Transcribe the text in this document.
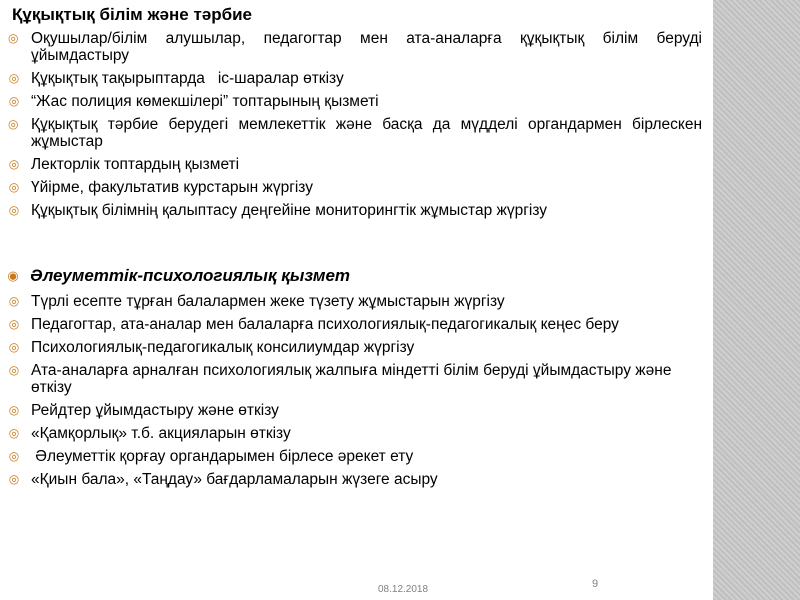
Құқықтық білім және тәрбие
◎ Оқушылар/білім алушылар, педагогтар мен ата-аналарға құқықтық білім беруді ұйымдастыру
◎ Құқықтық тақырыптарда   іс-шаралар өткізу
◎ “Жас полиция көмекшілері” топтарының қызметі
◎ Құқықтық тәрбие берудегі мемлекеттік және басқа да мүдделі органдармен бірлескен жұмыстар
◎ Лекторлік топтардың қызметі
◎ Үйірме, факультатив курстарын жүргізу
◎ Құқықтық білімнің қалыптасу деңгейіне мониторингтік жұмыстар жүргізу
◉ Әлеуметтік-психологиялық қызмет
◎ Түрлі есепте тұрған балалармен жеке түзету жұмыстарын жүргізу
◎ Педагогтар, ата-аналар мен балаларға психологиялық-педагогикалық кеңес беру
◎ Психологиялық-педагогикалық консилиумдар жүргізу
◎ Ата-аналарға арналған психологиялық жалпыға міндетті білім беруді ұйымдастыру және өткізу
◎ Рейдтер ұйымдастыру және өткізу
◎ «Қамқорлық» т.б. акцияларын өткізу
◎ Әлеуметтік қорғау органдарымен бірлесе әрекет ету
◎ «Қиын бала», «Таңдау» бағдарламаларын жүзеге асыру
08.12.2018	9
